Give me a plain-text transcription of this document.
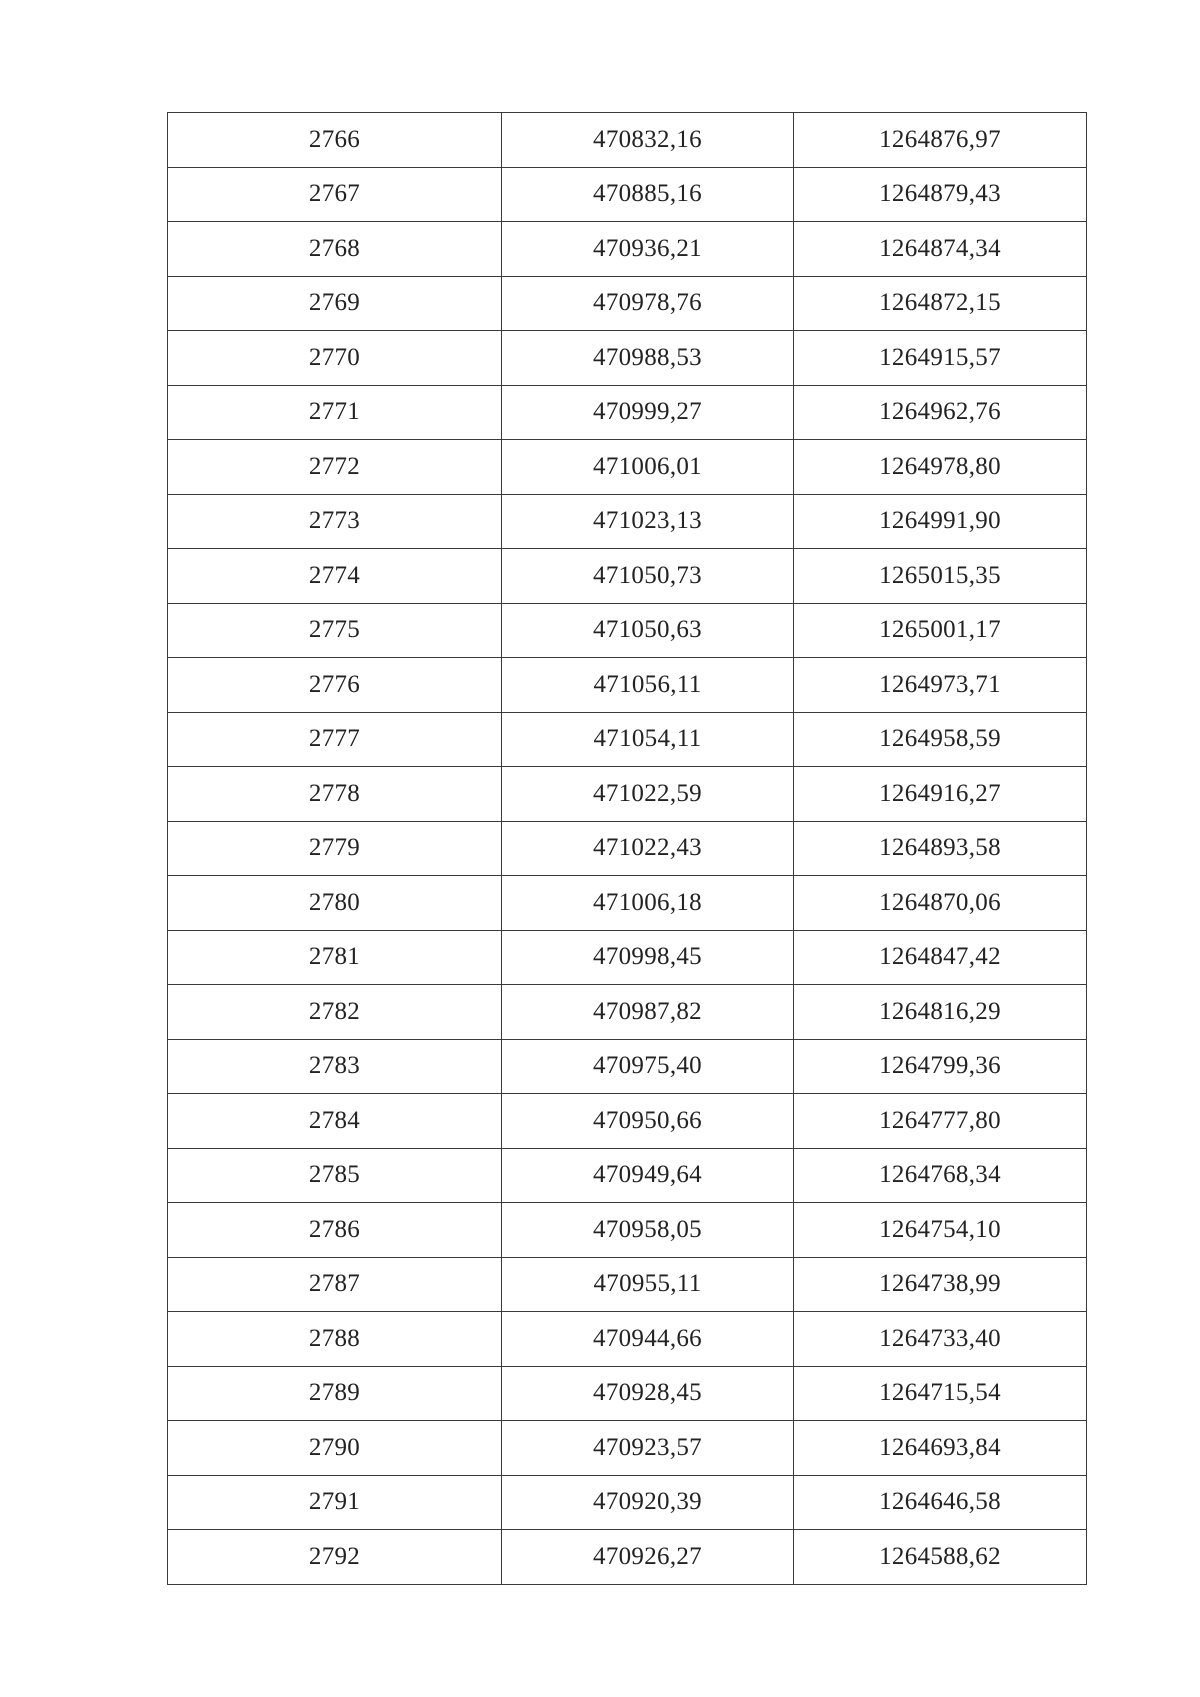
2766	470832,16	1264876,97
2767	470885,16	1264879,43
2768	470936,21	1264874,34
2769	470978,76	1264872,15
2770	470988,53	1264915,57
2771	470999,27	1264962,76
2772	471006,01	1264978,80
2773	471023,13	1264991,90
2774	471050,73	1265015,35
2775	471050,63	1265001,17
2776	471056,11	1264973,71
2777	471054,11	1264958,59
2778	471022,59	1264916,27
2779	471022,43	1264893,58
2780	471006,18	1264870,06
2781	470998,45	1264847,42
2782	470987,82	1264816,29
2783	470975,40	1264799,36
2784	470950,66	1264777,80
2785	470949,64	1264768,34
2786	470958,05	1264754,10
2787	470955,11	1264738,99
2788	470944,66	1264733,40
2789	470928,45	1264715,54
2790	470923,57	1264693,84
2791	470920,39	1264646,58
2792	470926,27	1264588,62
